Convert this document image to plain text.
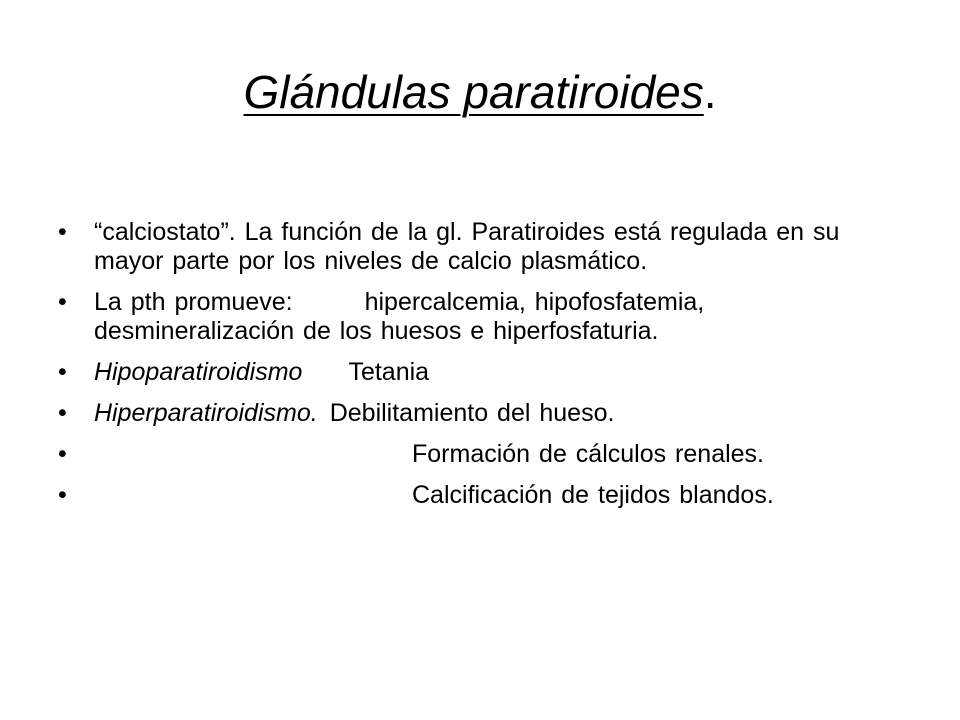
Glándulas paratiroides.
• “calciostato”. La función de la gl. Paratiroides está regulada en su mayor parte por los niveles de calcio plasmático.
• La pth promueve:	hipercalcemia, hipofosfatemia, desmineralización de los huesos e hiperfosfaturia.
• Hipoparatiroidismo Tetania
• Hiperparatiroidismo. Debilitamiento del hueso.
•	Formación de cálculos renales.
•	Calcificación de tejidos blandos.
